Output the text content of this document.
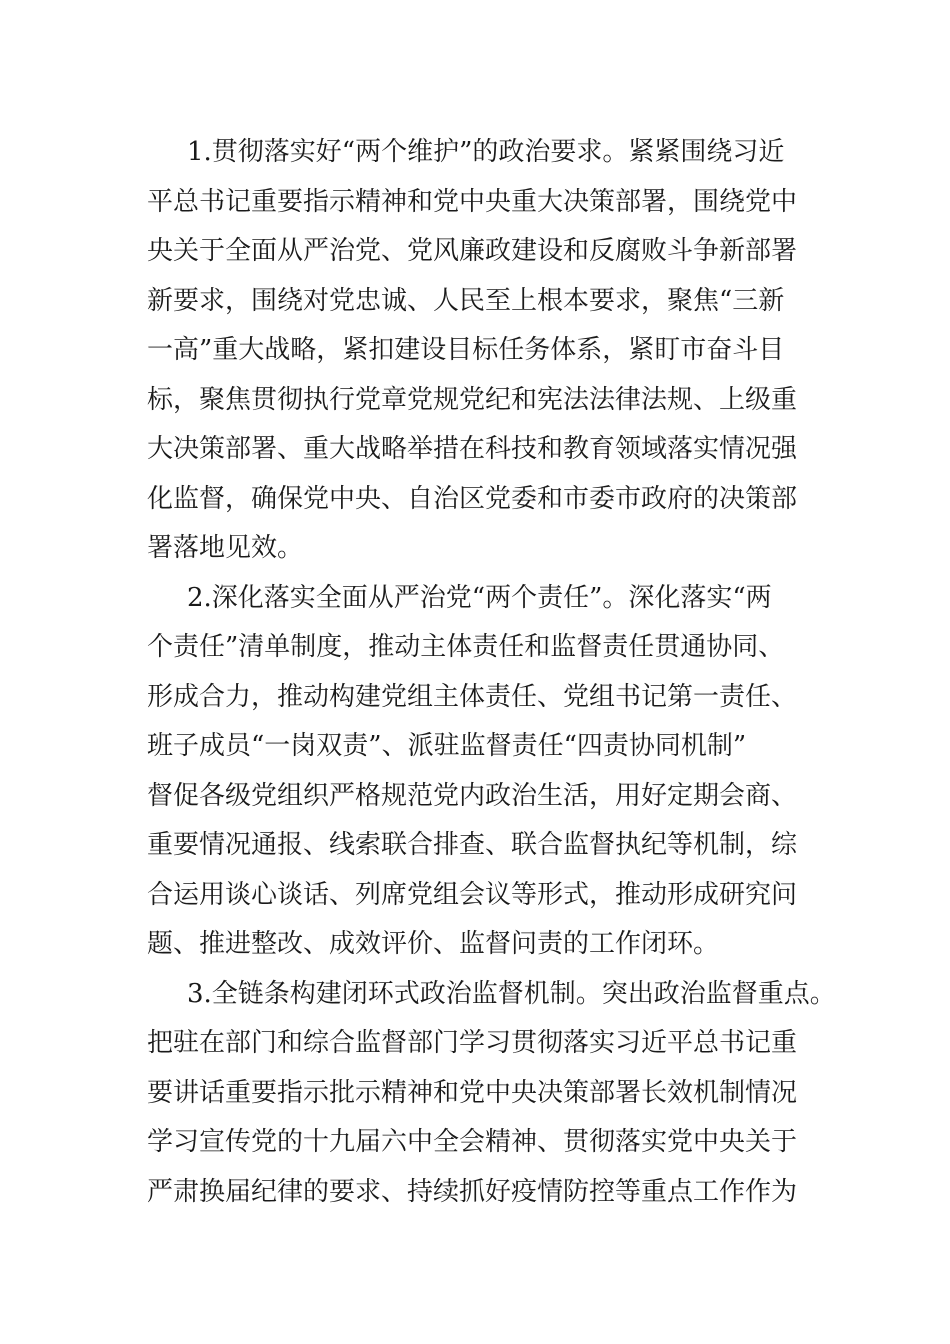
1.贯彻落实好“两个维护”的政治要求。紧紧围绕习近
平总书记重要指示精神和党中央重大决策部署，围绕党中
央关于全面从严治党、党风廉政建设和反腐败斗争新部署
新要求，围绕对党忠诚、人民至上根本要求，聚焦“三新
一高”重大战略，紧扣建设目标任务体系，紧盯市奋斗目
标，聚焦贯彻执行党章党规党纪和宪法法律法规、上级重
大决策部署、重大战略举措在科技和教育领域落实情况强
化监督，确保党中央、自治区党委和市委市政府的决策部
署落地见效。
2.深化落实全面从严治党“两个责任”。深化落实“两
个责任”清单制度，推动主体责任和监督责任贯通协同、
形成合力，推动构建党组主体责任、党组书记第一责任、
班子成员“一岗双责”、派驻监督责任“四责协同机制”
督促各级党组织严格规范党内政治生活，用好定期会商、
重要情况通报、线索联合排查、联合监督执纪等机制，综
合运用谈心谈话、列席党组会议等形式，推动形成研究问
题、推进整改、成效评价、监督问责的工作闭环。
3.全链条构建闭环式政治监督机制。突出政治监督重点。
把驻在部门和综合监督部门学习贯彻落实习近平总书记重
要讲话重要指示批示精神和党中央决策部署长效机制情况
学习宣传党的十九届六中全会精神、贯彻落实党中央关于
严肃换届纪律的要求、持续抓好疫情防控等重点工作作为
